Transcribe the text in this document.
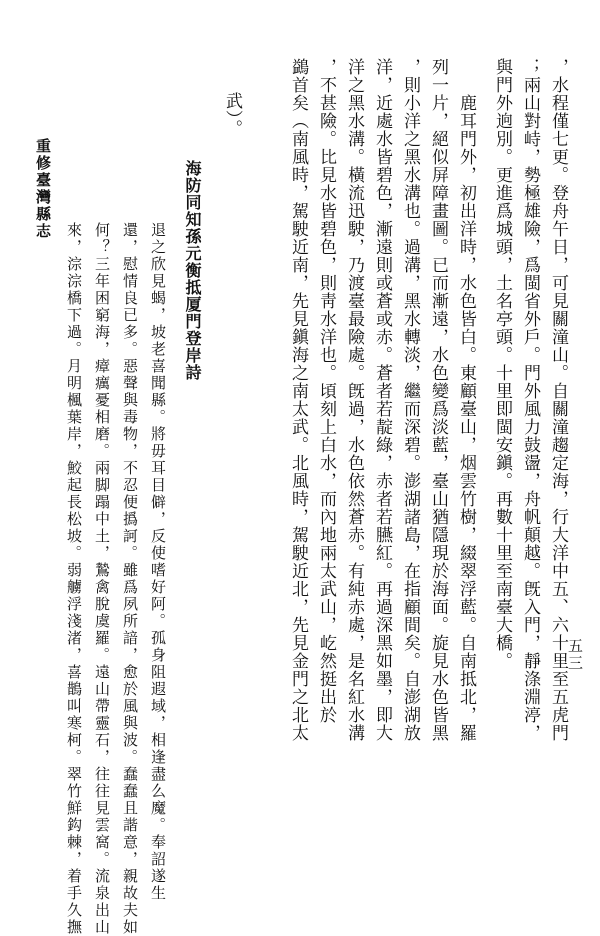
五三
，水程僅七更。登舟午日，可見關潼山。自關潼趨定海，行大洋中五、六十里至五虎門
；兩山對峙，勢極雄險，爲閩省外戶。門外風力鼓盪，舟帆顛越。旣入門，靜涤淵渟，
與門外逈別。更進爲城頭，土名亭頭。十里即閩安鎭。再數十里至南臺大橋。
　　鹿耳門外，初出洋時，水色皆白。東顧臺山，烟雲竹樹，綴翠浮藍。自南抵北，羅
列一片，絕似屏障畫圖。已而漸遠，水色變爲淡藍，臺山猶隱現於海面。旋見水色皆黑
，則小洋之黑水溝也。過溝，黑水轉淡，繼而深碧。澎湖諸島，在指顧間矣。自澎湖放
洋，近處水皆碧色，漸遠則或蒼或赤。蒼者若靛綠，赤者若臙紅。再過深黑如墨，即大
洋之黑水溝。橫流迅駛，乃渡臺最險處。旣過，水色依然蒼赤。有純赤處，是名紅水溝
，不甚險。比見水皆碧色，則靑水洋也。頃刻上白水，而內地兩太武山，屹然挺出於
鷁首矣（南風時，駕駛近南，先見鎭海之南太武。北風時，駕駛近北，先見金門之北太
武）。
海防同知孫元衡抵厦門登岸詩
退之欣見蝎，坡老喜聞縣。將毋耳目僻，反使嗜好阿。孤身阻遐域，相逢盡么魔。奉詔遂生
還，慰情良已多。惡聲與毒物，不忍便撝訶。雖爲夙所諳，愈於風與波。蠢蠢且諧意，親故夫如
何？三年困窮海，瘴癘憂相磨。兩脚蹋中土，鷙禽脫虞羅。遠山帶靈石，往往見雲窩。流泉出山
來，淙淙橋下過。月明楓葉岸，鮫起長松坡。弱艣浮淺渚，喜鵲叫寒柯。翠竹鮮鈎棘，着手久撫
重修臺灣縣志
